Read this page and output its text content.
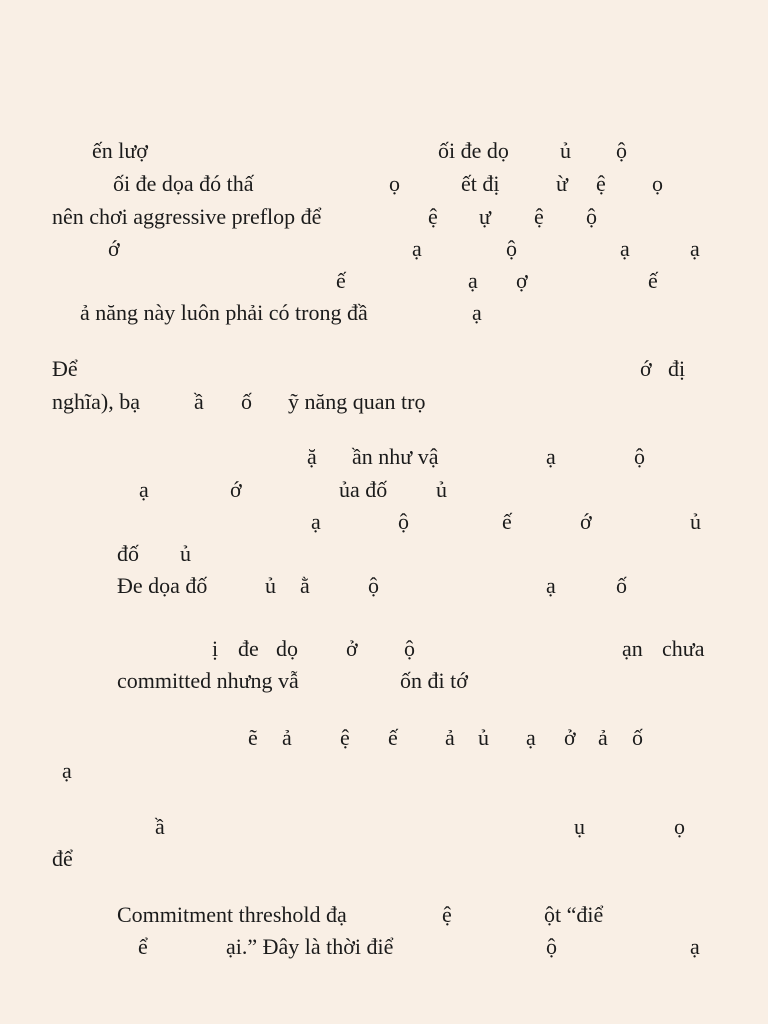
ến lượ	ối đe dọ ủ ộ
ối đe dọa đó thấ	ọ	ết đị	ừ ệ ọ
nên chơi aggressive preflop để	ệ ự ệ ộ
ớ	ạ	ộ	ạ	ạ
ế	ạ ợ	ế
ả năng này luôn phải có trong đầ	ạ
Để	ớ đị
nghĩa), bạ ầ ố ỹ năng quan trọ
ặ ần như vậ	ạ	ộ
ạ	ớ	ủa đố ủ
ạ	ộ	ế	ớ	ủ
đố ủ
Đe dọa đố	ủ ằ	ộ	ạ	ố
ị đe dọ ở ộ	ạn chưa
committed nhưng vẫ	ốn đi tớ
ẽ ả ệ ế ả ủ ạ ở ả ố
ạ
ầ	ụ	ọ
để
Commitment threshold đạ	ệ	ột “điể
ể	ại.” Đây là thời điể	ộ	ạ
